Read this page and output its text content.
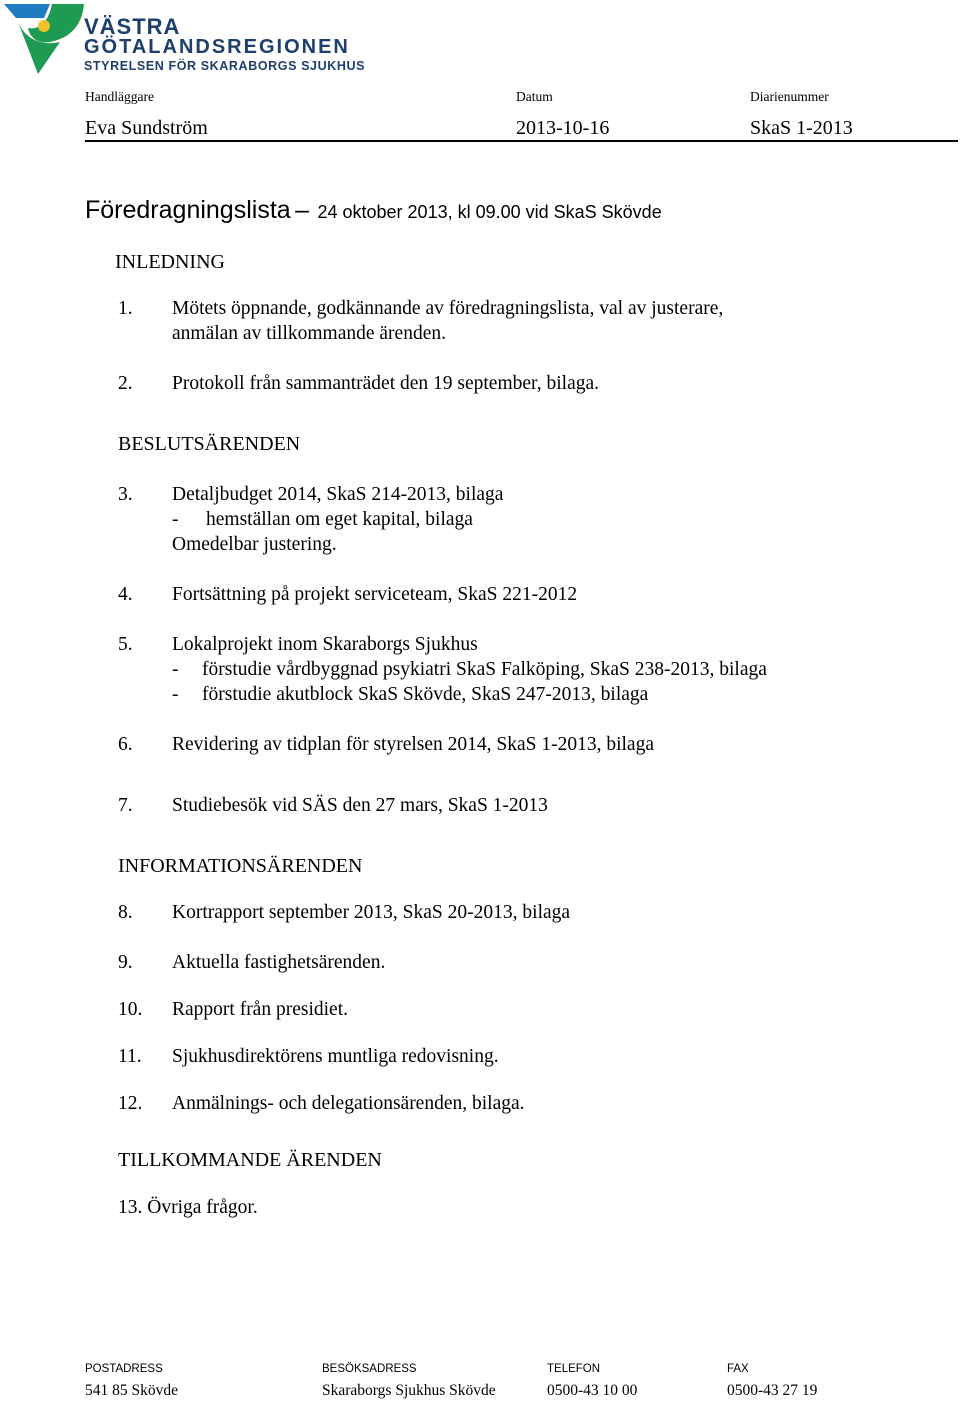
VÄSTRA
GÖTALANDSREGIONEN
STYRELSEN FÖR SKARABORGS SJUKHUS
Handläggare	Datum	Diarienummer
Eva Sundström	2013-10-16	SkaS 1-2013
Föredragningslista – 24 oktober 2013, kl 09.00 vid SkaS Skövde
INLEDNING
1. Mötets öppnande, godkännande av föredragningslista, val av justerare,
anmälan av tillkommande ärenden.
2. Protokoll från sammanträdet den 19 september, bilaga.
BESLUTSÄRENDEN
3. Detaljbudget 2014, SkaS 214-2013, bilaga
- hemställan om eget kapital, bilaga
Omedelbar justering.
4. Fortsättning på projekt serviceteam, SkaS 221-2012
5. Lokalprojekt inom Skaraborgs Sjukhus
- förstudie vårdbyggnad psykiatri SkaS Falköping, SkaS 238-2013, bilaga
- förstudie akutblock SkaS Skövde, SkaS 247-2013, bilaga
6. Revidering av tidplan för styrelsen 2014, SkaS 1-2013, bilaga
7. Studiebesök vid SÄS den 27 mars, SkaS 1-2013
INFORMATIONSÄRENDEN
8. Kortrapport september 2013, SkaS 20-2013, bilaga
9. Aktuella fastighetsärenden.
10. Rapport från presidiet.
11. Sjukhusdirektörens muntliga redovisning.
12. Anmälnings- och delegationsärenden, bilaga.
TILLKOMMANDE ÄRENDEN
13. Övriga frågor.
POSTADRESS	BESÖKSADRESS	TELEFON	FAX
541 85 Skövde	Skaraborgs Sjukhus Skövde	0500-43 10 00	0500-43 27 19
